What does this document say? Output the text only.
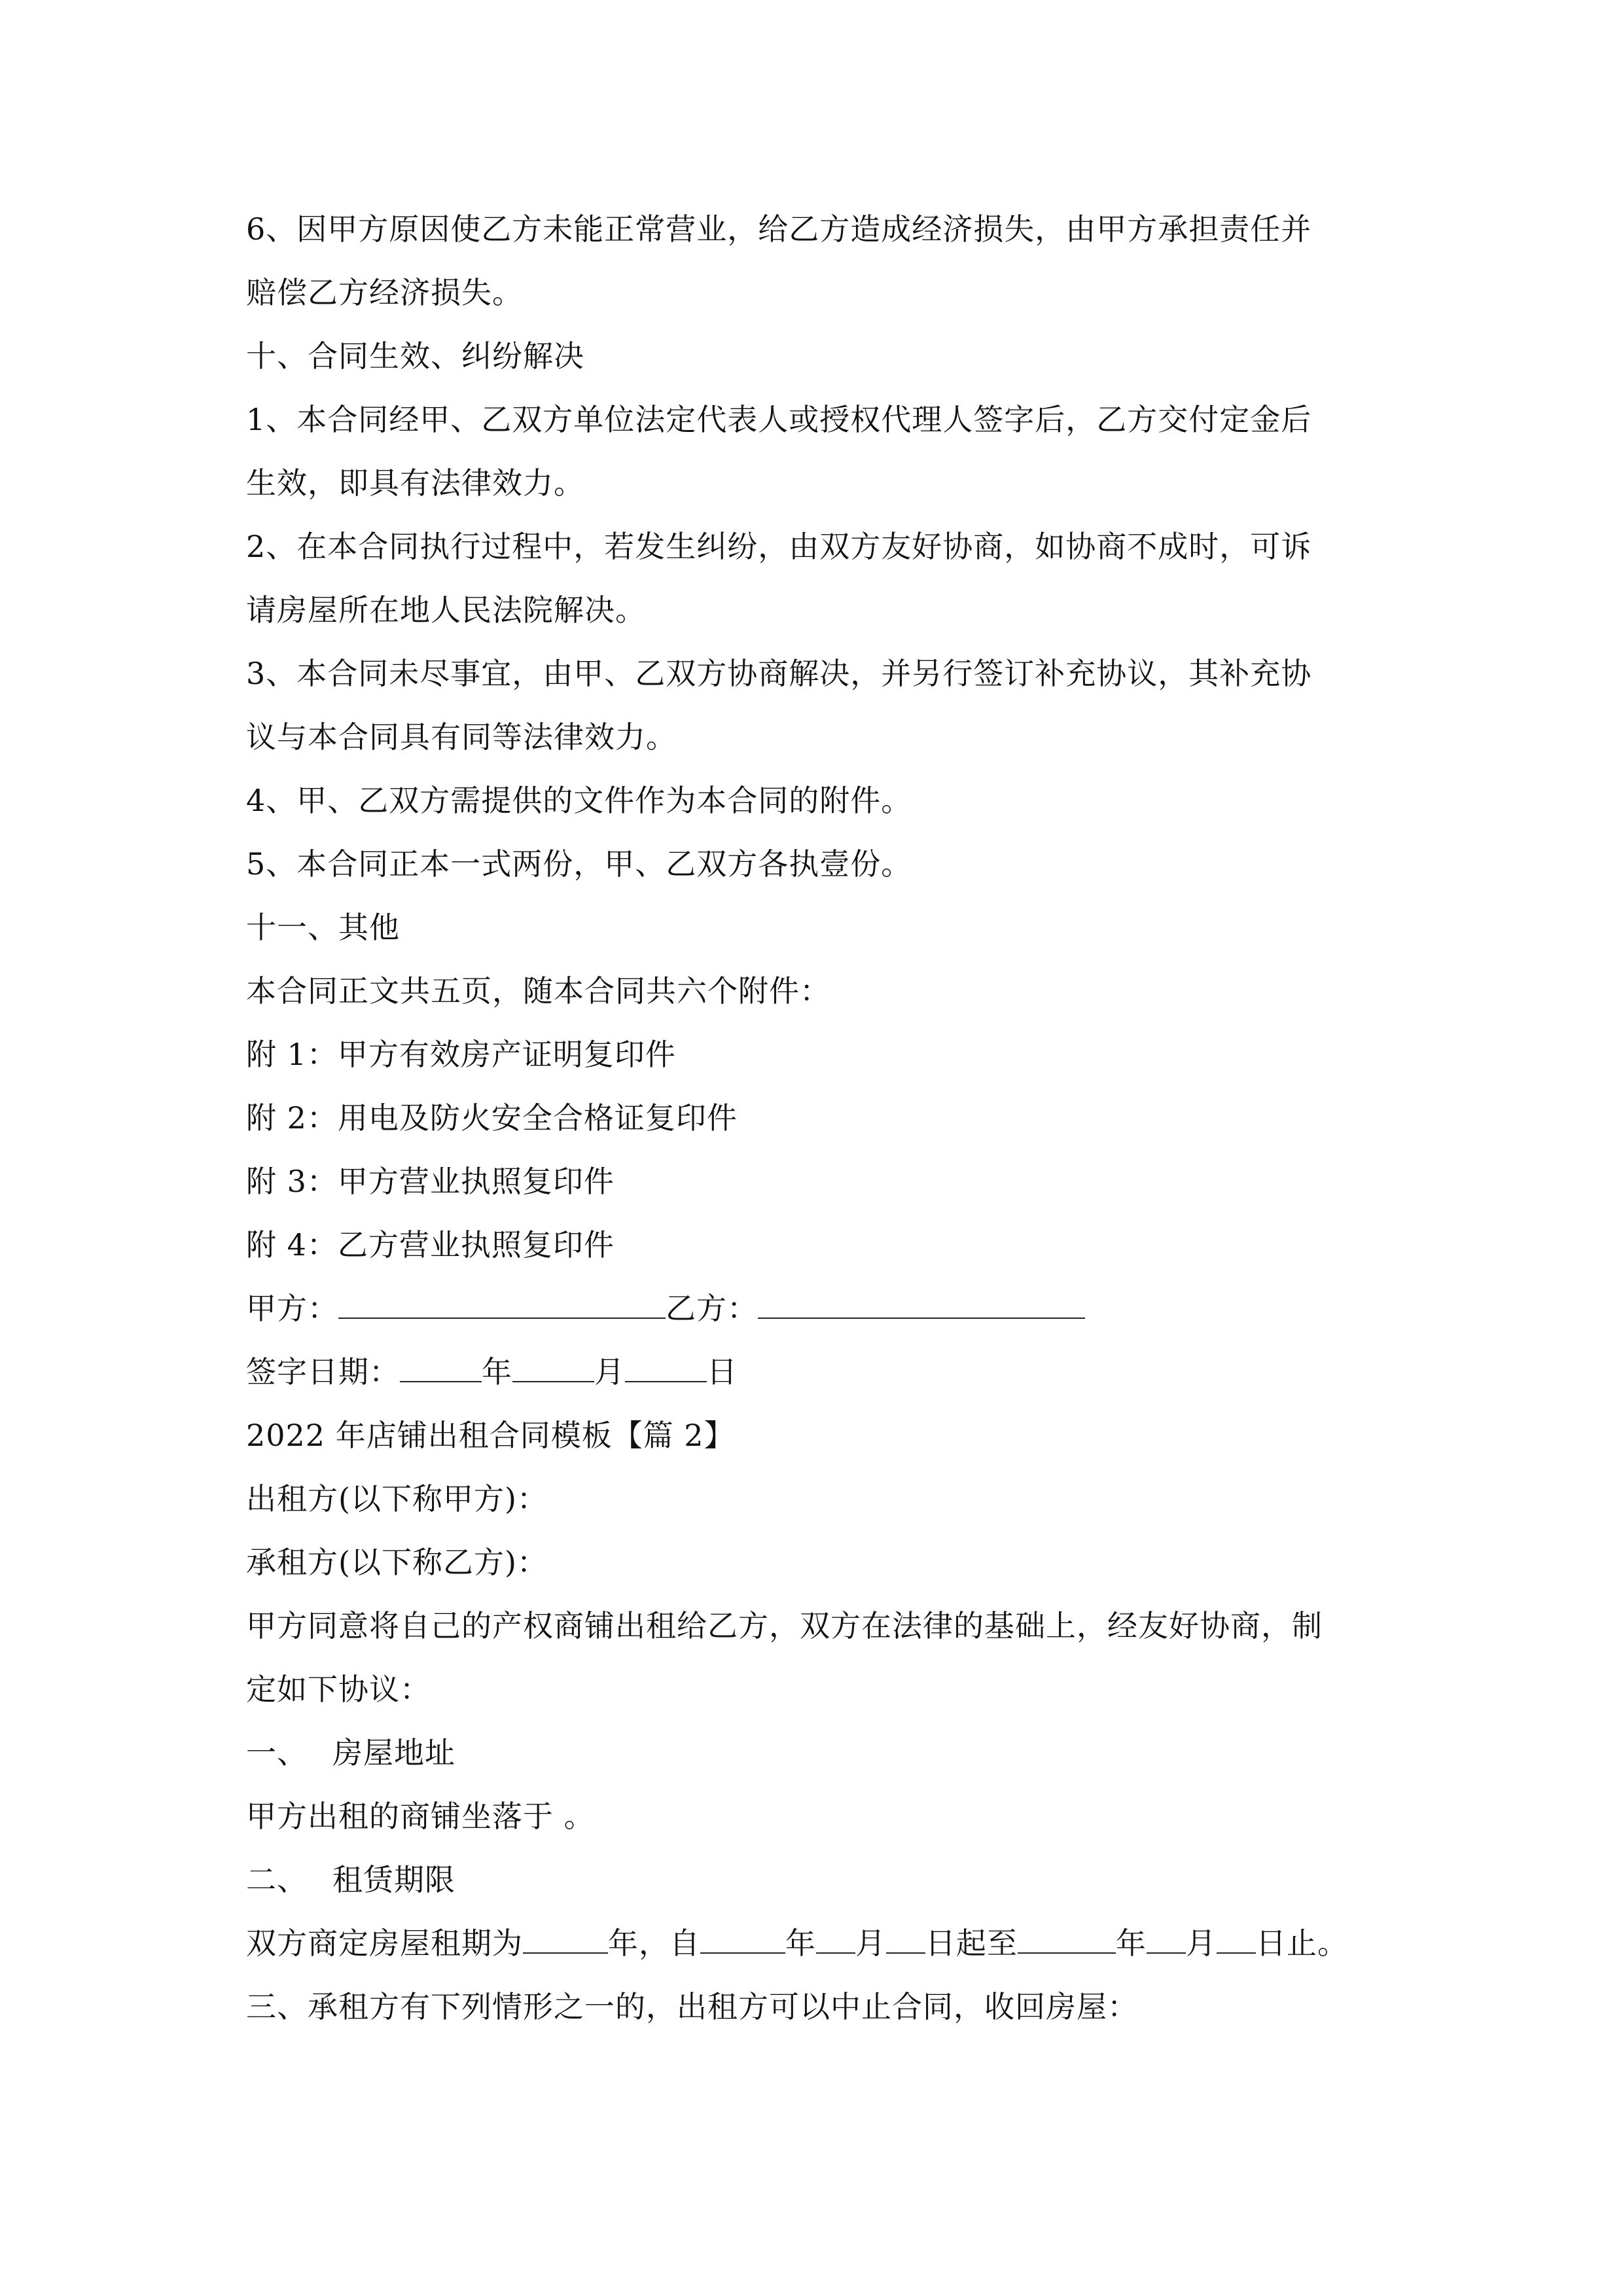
6、因甲方原因使乙方未能正常营业，给乙方造成经济损失，由甲方承担责任并
赔偿乙方经济损失。
十、合同生效、纠纷解决
1、本合同经甲、乙双方单位法定代表人或授权代理人签字后，乙方交付定金后
生效，即具有法律效力。
2、在本合同执行过程中，若发生纠纷，由双方友好协商，如协商不成时，可诉
请房屋所在地人民法院解决。
3、本合同未尽事宜，由甲、乙双方协商解决，并另行签订补充协议，其补充协
议与本合同具有同等法律效力。
4、甲、乙双方需提供的文件作为本合同的附件。
5、本合同正本一式两份，甲、乙双方各执壹份。
十一、其他
本合同正文共五页，随本合同共六个附件：
附 1：甲方有效房产证明复印件
附 2：用电及防火安全合格证复印件
附 3：甲方营业执照复印件
附 4：乙方营业执照复印件
甲方：	乙方：
签字日期：	年	月	日
2022 年店铺出租合同模板【篇 2】
出租方(以下称甲方)：
承租方(以下称乙方)：
甲方同意将自己的产权商铺出租给乙方，双方在法律的基础上，经友好协商，制
定如下协议：
一、 房屋地址
甲方出租的商铺坐落于 。
二、 租赁期限
双方商定房屋租期为	年，自	年 月 日起至	年 月 日止。
三、承租方有下列情形之一的，出租方可以中止合同，收回房屋：
